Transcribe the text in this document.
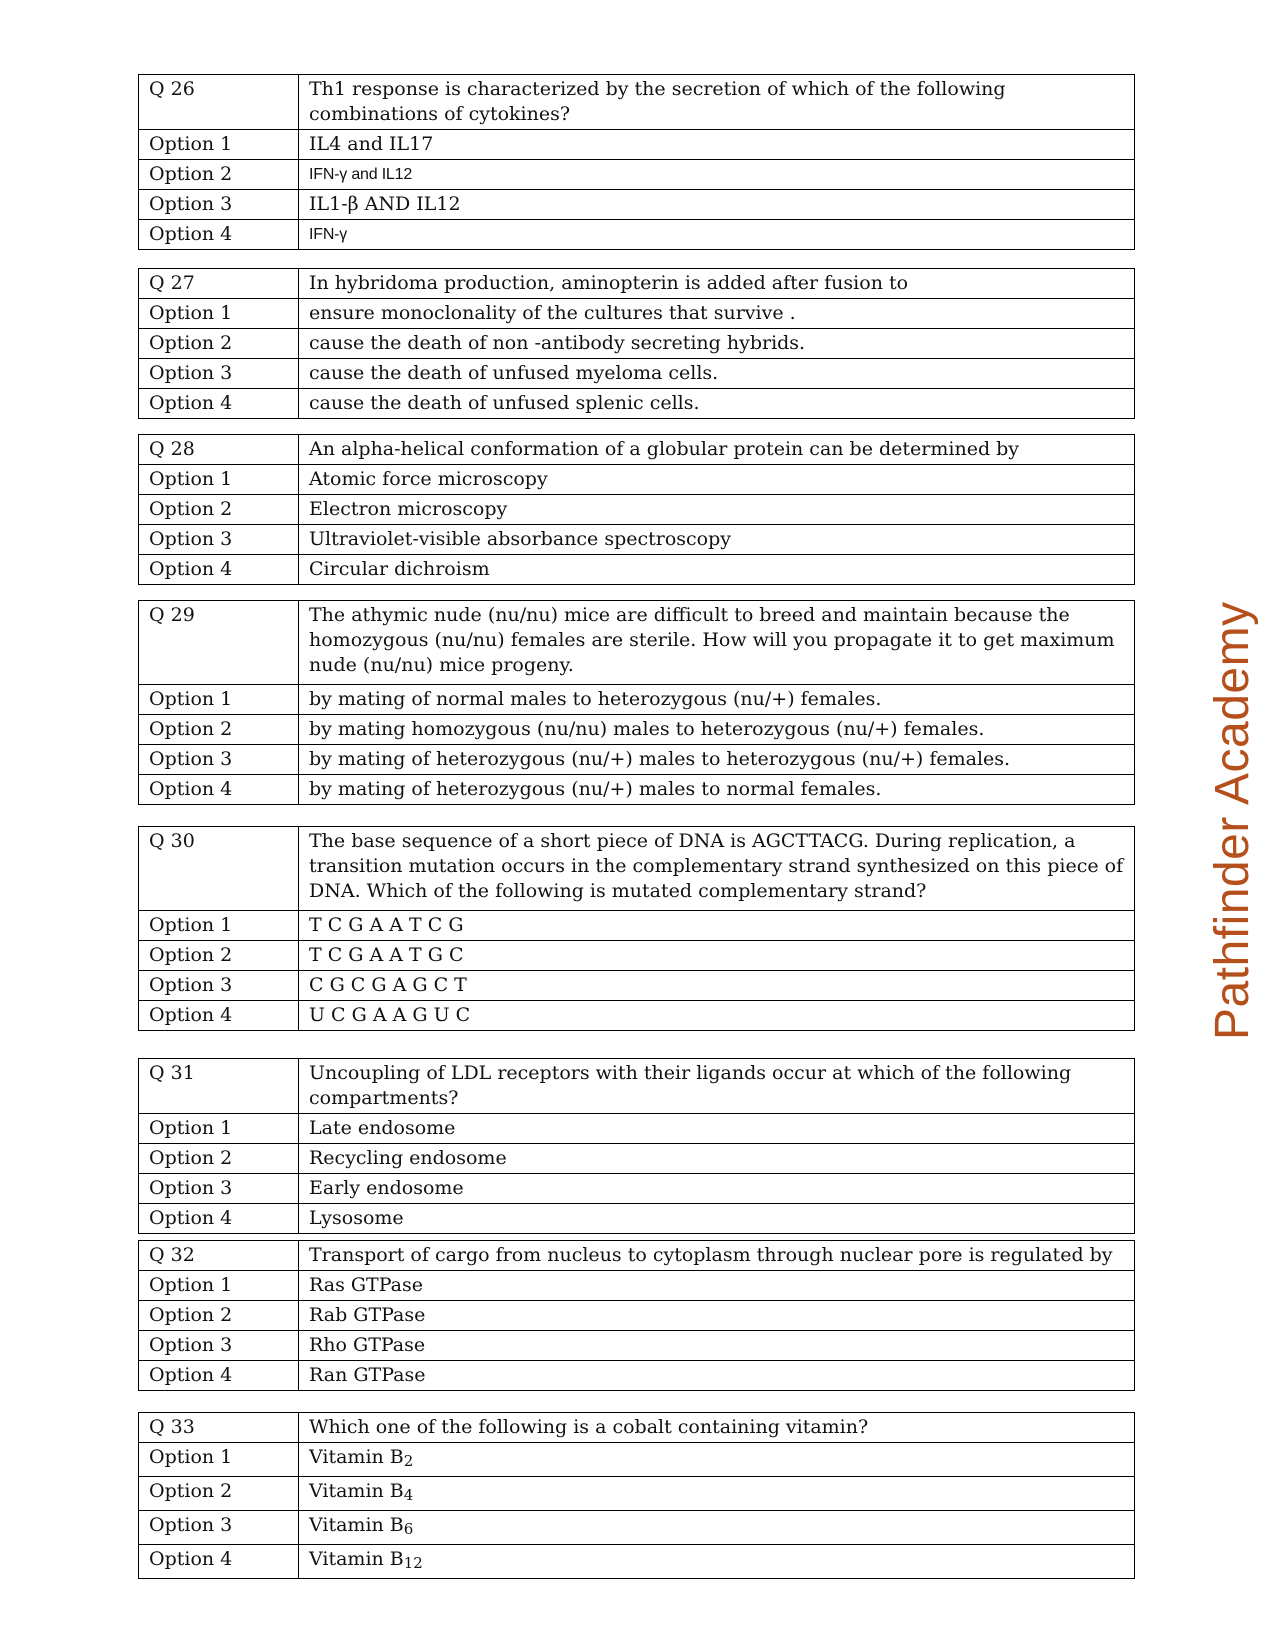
Q 26	Th1 response is characterized by the secretion of which of the following combinations of cytokines?
Option 1	IL4 and IL17
Option 2	IFN-γ and IL12
Option 3	IL1-β AND IL12
Option 4	IFN-γ
Q 27	In hybridoma production, aminopterin is added after fusion to
Option 1	ensure monoclonality of the cultures that survive .
Option 2	cause the death of non -antibody secreting hybrids.
Option 3	cause the death of unfused myeloma cells.
Option 4	cause the death of unfused splenic cells.
Q 28	An alpha-helical conformation of a globular protein can be determined by
Option 1	Atomic force microscopy
Option 2	Electron microscopy
Option 3	Ultraviolet-visible absorbance spectroscopy
Option 4	Circular dichroism
Q 29	The athymic nude (nu/nu) mice are difficult to breed and maintain because the homozygous (nu/nu) females are sterile. How will you propagate it to get maximum nude (nu/nu) mice progeny.
Option 1	by mating of normal males to heterozygous (nu/+) females.
Option 2	by mating homozygous (nu/nu) males to heterozygous (nu/+) females.
Option 3	by mating of heterozygous (nu/+) males to heterozygous (nu/+) females.
Option 4	by mating of heterozygous (nu/+) males to normal females.
Q 30	The base sequence of a short piece of DNA is AGCTTACG. During replication, a transition mutation occurs in the complementary strand synthesized on this piece of DNA. Which of the following is mutated complementary strand?
Option 1	T C G A A T C G
Option 2	T C G A A T G C
Option 3	C G C G A G C T
Option 4	U C G A A G U C
Q 31	Uncoupling of LDL receptors with their ligands occur at which of the following compartments?
Option 1	Late endosome
Option 2	Recycling endosome
Option 3	Early endosome
Option 4	Lysosome
Q 32	Transport of cargo from nucleus to cytoplasm through nuclear pore is regulated by
Option 1	Ras GTPase
Option 2	Rab GTPase
Option 3	Rho GTPase
Option 4	Ran GTPase
Q 33	Which one of the following is a cobalt containing vitamin?
Option 1	Vitamin $B_2$
Option 2	Vitamin $B_4$
Option 3	Vitamin $B_6$
Option 4	Vitamin $B_{12}$
Pathfinder Academy
